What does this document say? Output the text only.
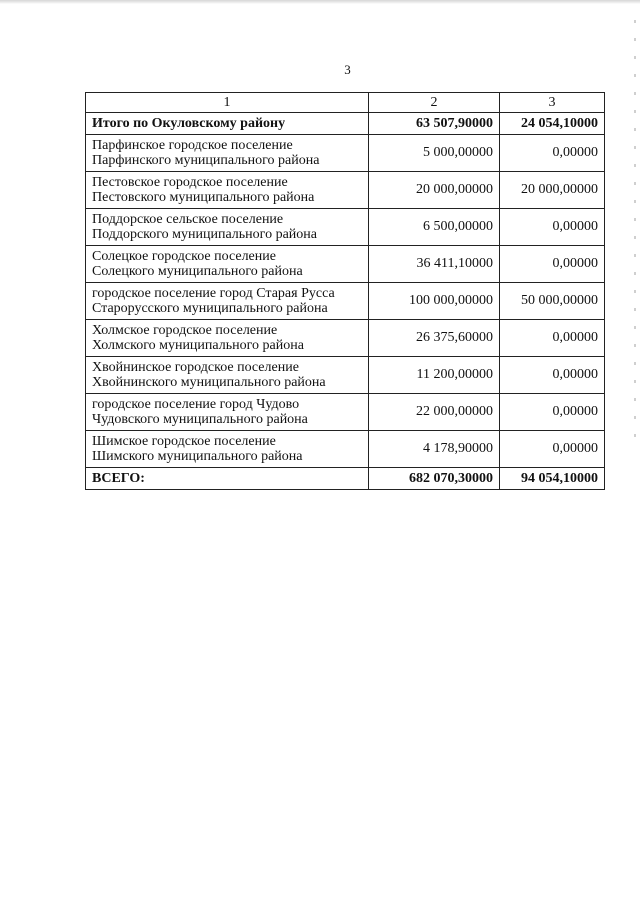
3
1	2	3
Итого по Окуловскому району	63 507,90000	24 054,10000

Парфинское городское поселение
Парфинского муниципального района	5 000,00000	0,00000

Пестовское городское поселение
Пестовского муниципального района	20 000,00000	20 000,00000

Поддорское сельское поселение
Поддорского муниципального района	6 500,00000	0,00000

Солецкое городское поселение
Солецкого муниципального района	36 411,10000	0,00000

городское поселение город Старая Русса
Старорусского муниципального района	100 000,00000	50 000,00000

Холмское городское поселение
Холмского муниципального района	26 375,60000	0,00000

Хвойнинское городское поселение
Хвойнинского муниципального района	11 200,00000	0,00000

городское поселение город Чудово
Чудовского муниципального района	22 000,00000	0,00000

Шимское городское поселение
Шимского муниципального района	4 178,90000	0,00000
ВСЕГО:	682 070,30000	94 054,10000
